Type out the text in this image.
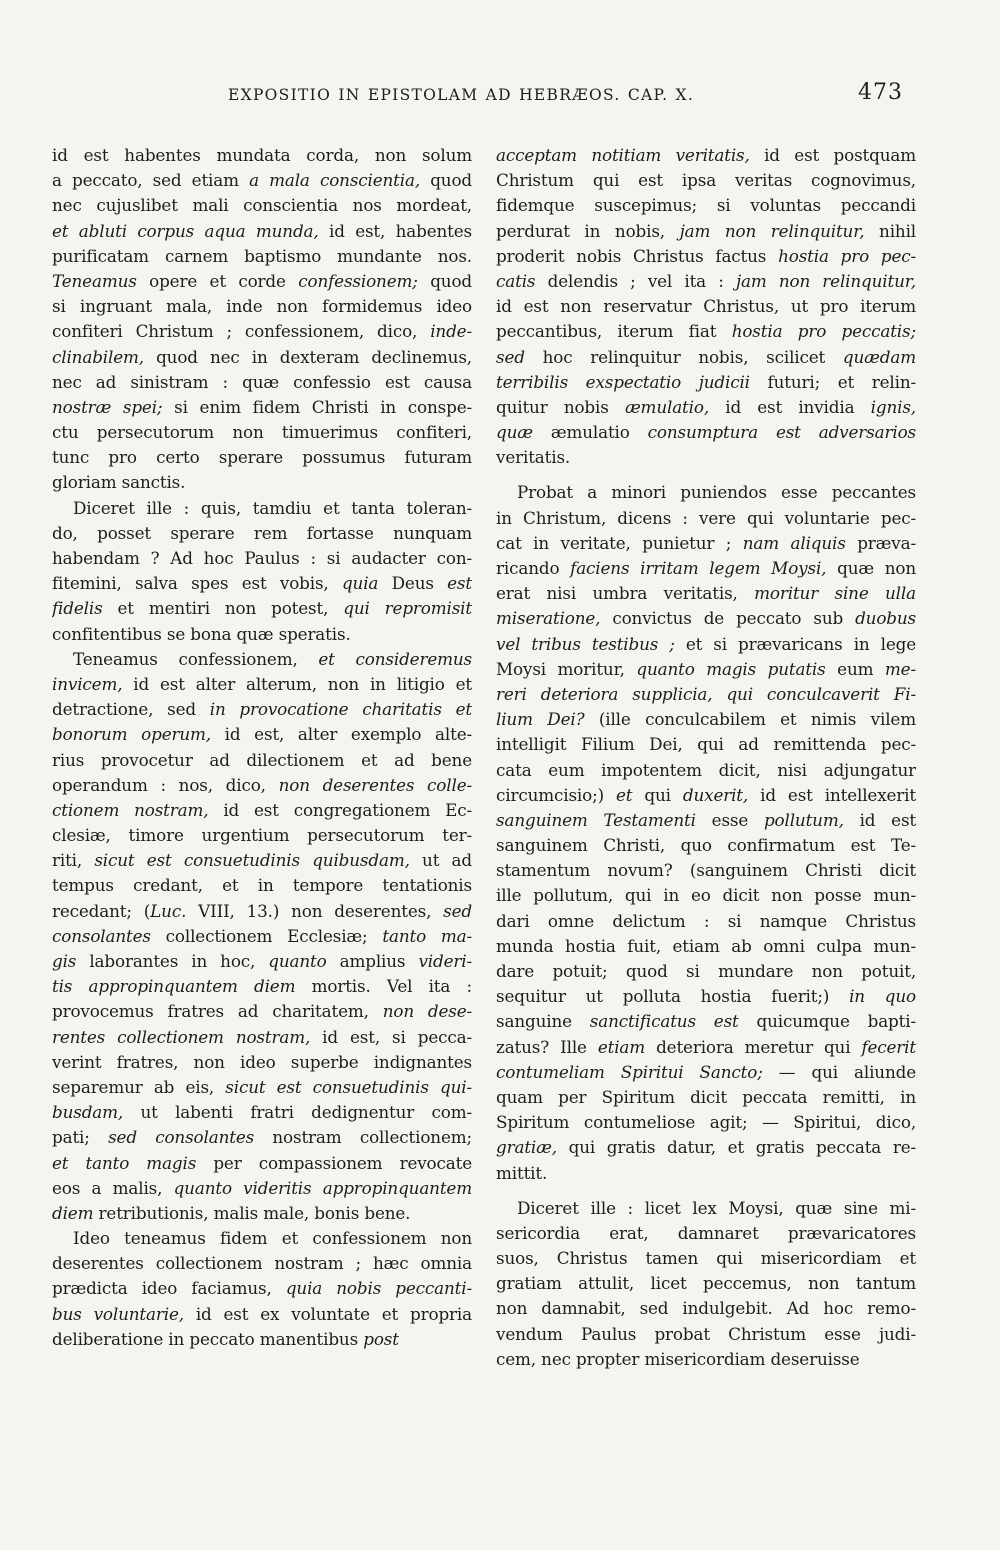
EXPOSITIO IN EPISTOLAM AD HEBRÆOS. CAP. X.	473
id est habentes mundata corda, non solum
a peccato, sed etiam a mala conscientia, quod
nec cujuslibet mali conscientia nos mordeat,
et abluti corpus aqua munda, id est, habentes
purificatam carnem baptismo mundante nos.
Teneamus opere et corde confessionem; quod
si ingruant mala, inde non formidemus ideo
confiteri Christum ; confessionem, dico, inde-
clinabilem, quod nec in dexteram declinemus,
nec ad sinistram : quæ confessio est causa
nostræ spei; si enim fidem Christi in conspe-
ctu persecutorum non timuerimus confiteri,
tunc pro certo sperare possumus futuram
gloriam sanctis.
Diceret ille : quis, tamdiu et tanta toleran-
do, posset sperare rem fortasse nunquam
habendam ? Ad hoc Paulus : si audacter con-
fitemini, salva spes est vobis, quia Deus est
fidelis et mentiri non potest, qui repromisit
confitentibus se bona quæ speratis.
Teneamus confessionem, et consideremus
invicem, id est alter alterum, non in litigio et
detractione, sed in provocatione charitatis et
bonorum operum, id est, alter exemplo alte-
rius provocetur ad dilectionem et ad bene
operandum : nos, dico, non deserentes colle-
ctionem nostram, id est congregationem Ec-
clesiæ, timore urgentium persecutorum ter-
riti, sicut est consuetudinis quibusdam, ut ad
tempus credant, et in tempore tentationis
recedant; (Luc. VIII, 13.) non deserentes, sed
consolantes collectionem Ecclesiæ; tanto ma-
gis laborantes in hoc, quanto amplius videri-
tis appropinquantem diem mortis. Vel ita :
provocemus fratres ad charitatem, non dese-
rentes collectionem nostram, id est, si pecca-
verint fratres, non ideo superbe indignantes
separemur ab eis, sicut est consuetudinis qui-
busdam, ut labenti fratri dedignentur com-
pati; sed consolantes nostram collectionem;
et tanto magis per compassionem revocate
eos a malis, quanto videritis appropinquantem
diem retributionis, malis male, bonis bene.
Ideo teneamus fidem et confessionem non
deserentes collectionem nostram ; hæc omnia
prædicta ideo faciamus, quia nobis peccanti-
bus voluntarie, id est ex voluntate et propria
deliberatione in peccato manentibus post
acceptam notitiam veritatis, id est postquam
Christum qui est ipsa veritas cognovimus,
fidemque suscepimus; si voluntas peccandi
perdurat in nobis, jam non relinquitur, nihil
proderit nobis Christus factus hostia pro pec-
catis delendis ; vel ita : jam non relinquitur,
id est non reservatur Christus, ut pro iterum
peccantibus, iterum fiat hostia pro peccatis;
sed hoc relinquitur nobis, scilicet quædam
terribilis exspectatio judicii futuri; et relin-
quitur nobis æmulatio, id est invidia ignis,
quæ æmulatio consumptura est adversarios
veritatis.
Probat a minori puniendos esse peccantes
in Christum, dicens : vere qui voluntarie pec-
cat in veritate, punietur ; nam aliquis præva-
ricando faciens irritam legem Moysi, quæ non
erat nisi umbra veritatis, moritur sine ulla
miseratione, convictus de peccato sub duobus
vel tribus testibus ; et si prævaricans in lege
Moysi moritur, quanto magis putatis eum me-
reri deteriora supplicia, qui conculcaverit Fi-
lium Dei? (ille conculcabilem et nimis vilem
intelligit Filium Dei, qui ad remittenda pec-
cata eum impotentem dicit, nisi adjungatur
circumcisio;) et qui duxerit, id est intellexerit
sanguinem Testamenti esse pollutum, id est
sanguinem Christi, quo confirmatum est Te-
stamentum novum? (sanguinem Christi dicit
ille pollutum, qui in eo dicit non posse mun-
dari omne delictum : si namque Christus
munda hostia fuit, etiam ab omni culpa mun-
dare potuit; quod si mundare non potuit,
sequitur ut polluta hostia fuerit;) in quo
sanguine sanctificatus est quicumque bapti-
zatus? Ille etiam deteriora meretur qui fecerit
contumeliam Spiritui Sancto; — qui aliunde
quam per Spiritum dicit peccata remitti, in
Spiritum contumeliose agit; — Spiritui, dico,
gratiæ, qui gratis datur, et gratis peccata re-
mittit.
Diceret ille : licet lex Moysi, quæ sine mi-
sericordia erat, damnaret prævaricatores
suos, Christus tamen qui misericordiam et
gratiam attulit, licet peccemus, non tantum
non damnabit, sed indulgebit. Ad hoc remo-
vendum Paulus probat Christum esse judi-
cem, nec propter misericordiam deseruisse
